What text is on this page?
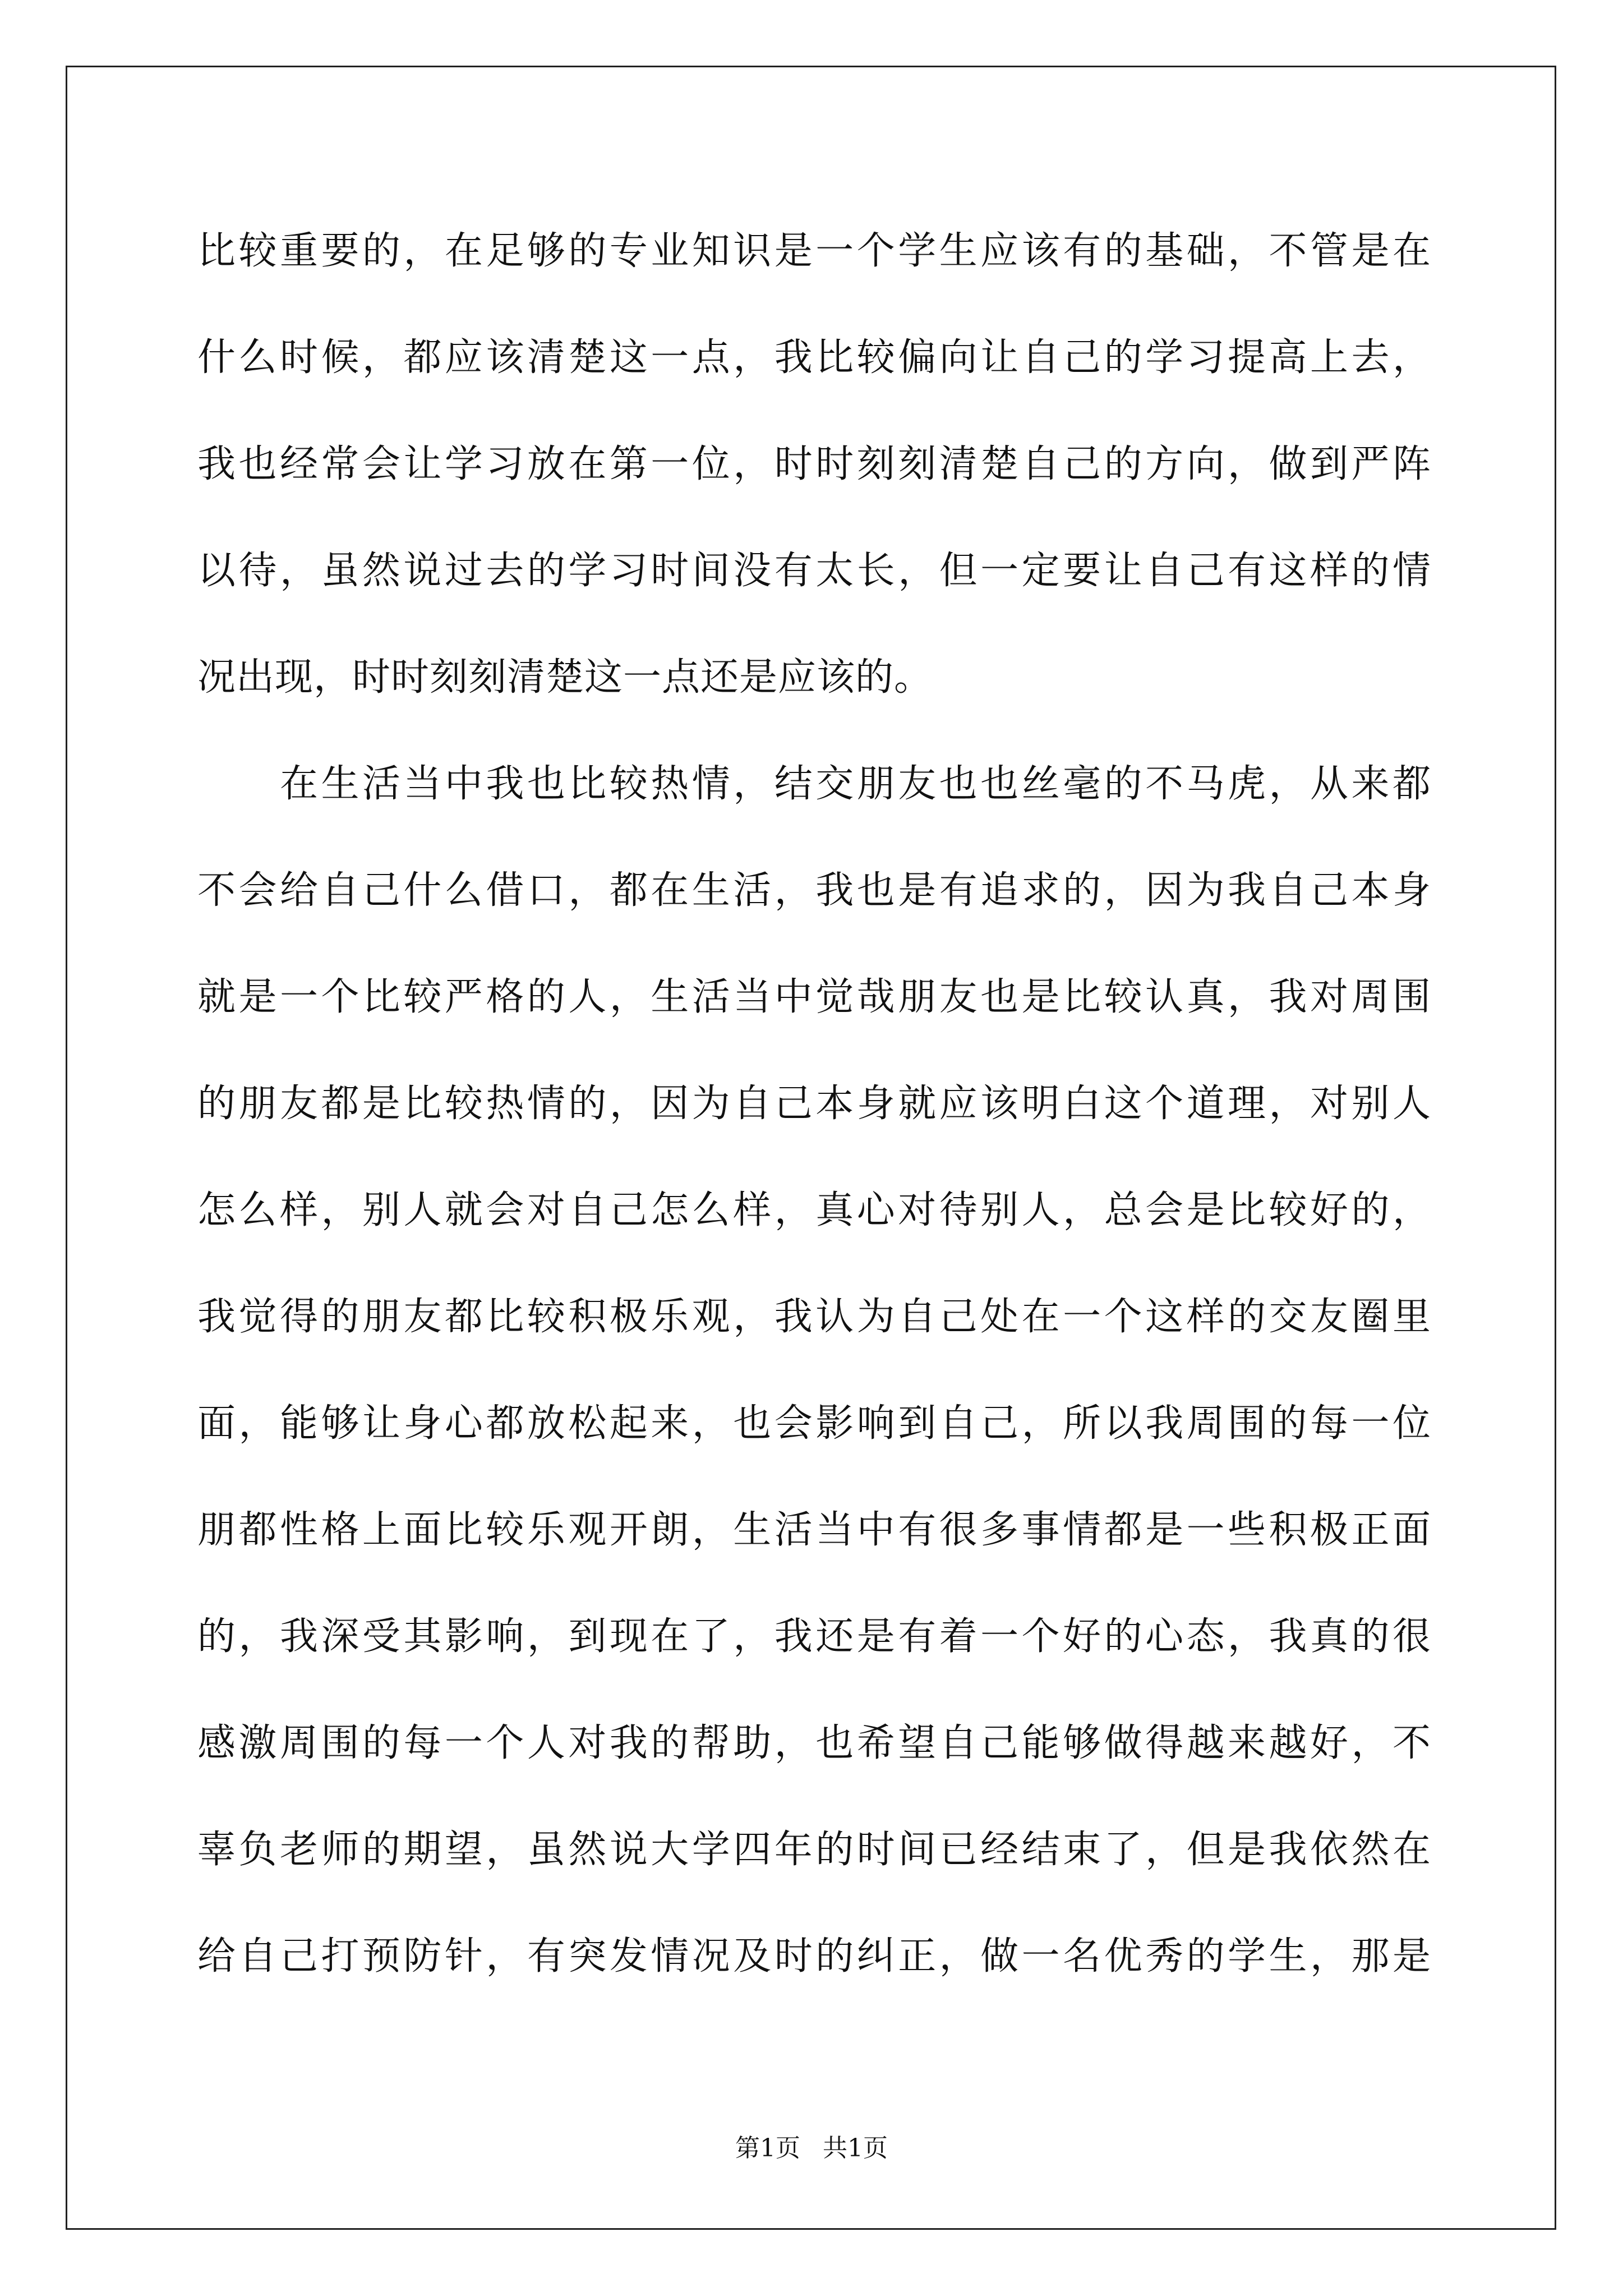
比较重要的，在足够的专业知识是一个学生应该有的基础，不管是在
什么时候，都应该清楚这一点，我比较偏向让自己的学习提高上去，
我也经常会让学习放在第一位，时时刻刻清楚自己的方向，做到严阵
以待，虽然说过去的学习时间没有太长，但一定要让自己有这样的情
况出现，时时刻刻清楚这一点还是应该的。
　　在生活当中我也比较热情，结交朋友也也丝毫的不马虎，从来都
不会给自己什么借口，都在生活，我也是有追求的，因为我自己本身
就是一个比较严格的人，生活当中觉哉朋友也是比较认真，我对周围
的朋友都是比较热情的，因为自己本身就应该明白这个道理，对别人
怎么样，别人就会对自己怎么样，真心对待别人，总会是比较好的，
我觉得的朋友都比较积极乐观，我认为自己处在一个这样的交友圈里
面，能够让身心都放松起来，也会影响到自己，所以我周围的每一位
朋都性格上面比较乐观开朗，生活当中有很多事情都是一些积极正面
的，我深受其影响，到现在了，我还是有着一个好的心态，我真的很
感激周围的每一个人对我的帮助，也希望自己能够做得越来越好，不
辜负老师的期望，虽然说大学四年的时间已经结束了，但是我依然在
给自己打预防针，有突发情况及时的纠正，做一名优秀的学生，那是
第1页 共1页
